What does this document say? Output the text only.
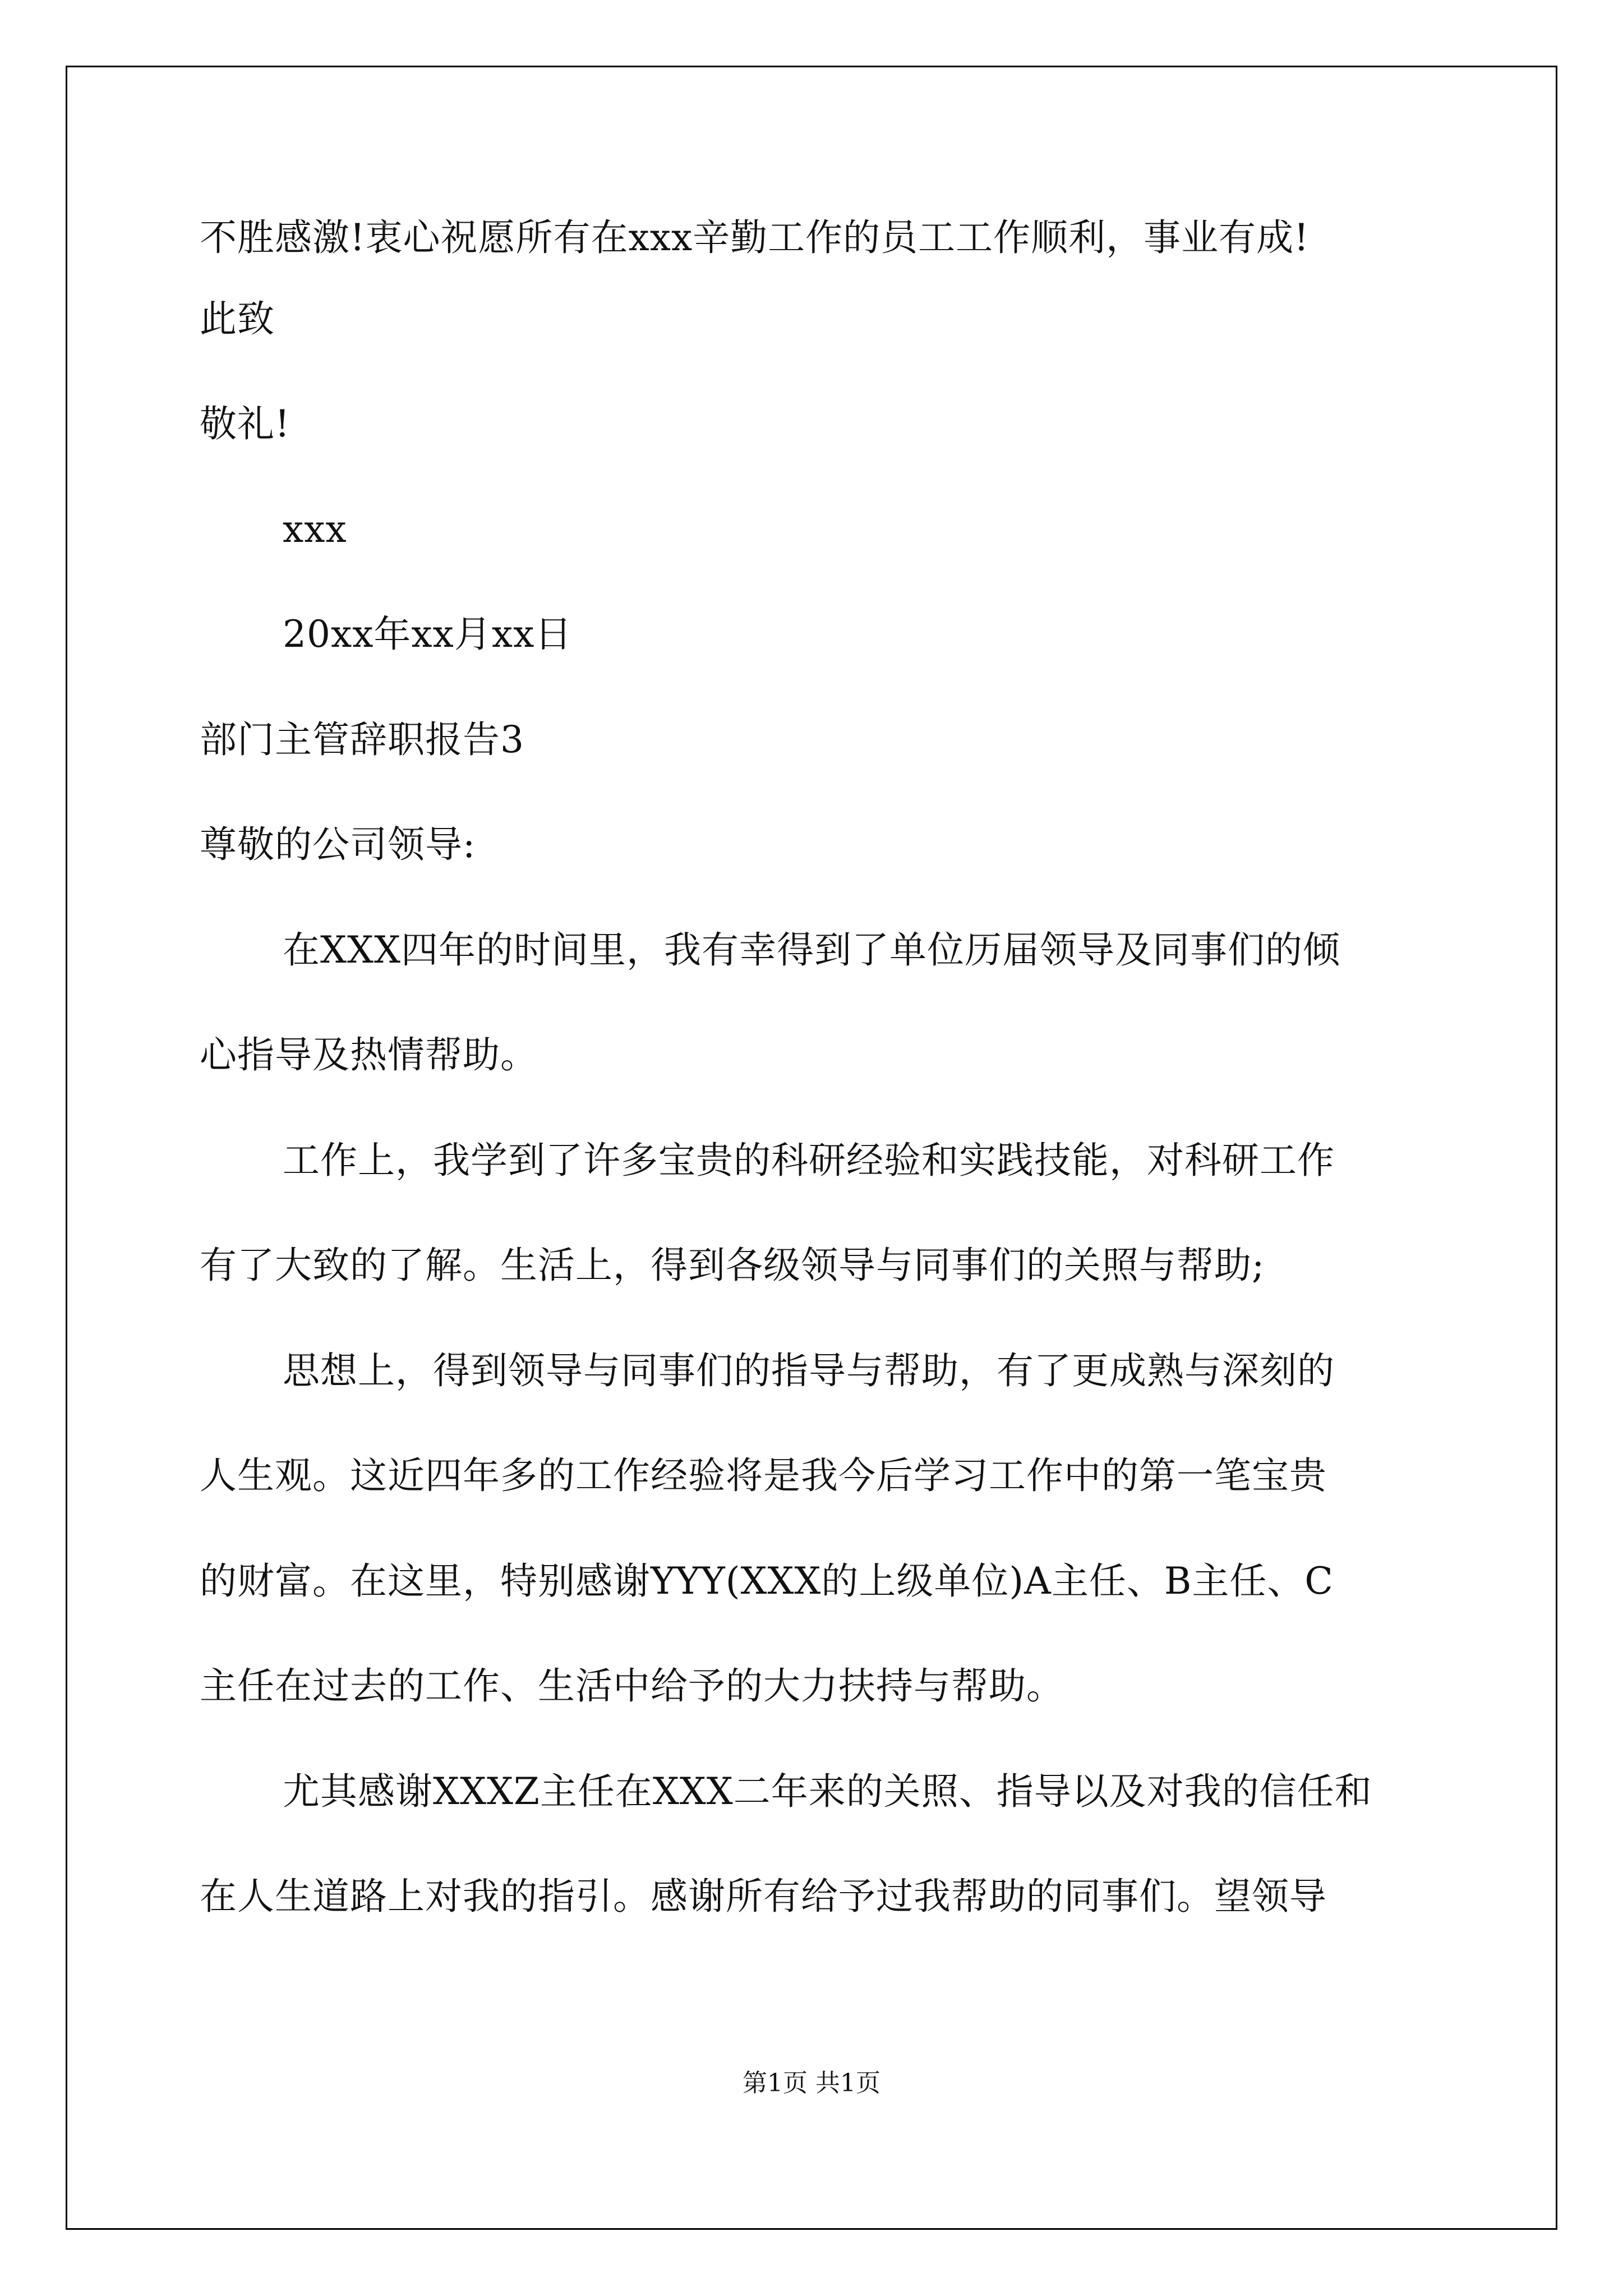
不胜感激!衷心祝愿所有在xxx辛勤工作的员工工作顺利，事业有成!
此致
敬礼!
xxx
20xx年xx月xx日
部门主管辞职报告3
尊敬的公司领导:
在XXX四年的时间里，我有幸得到了单位历届领导及同事们的倾
心指导及热情帮助。
工作上，我学到了许多宝贵的科研经验和实践技能，对科研工作
有了大致的了解。生活上，得到各级领导与同事们的关照与帮助;
思想上，得到领导与同事们的指导与帮助，有了更成熟与深刻的
人生观。这近四年多的工作经验将是我今后学习工作中的第一笔宝贵
的财富。在这里，特别感谢YYY(XXX的上级单位)A主任、B主任、C
主任在过去的工作、生活中给予的大力扶持与帮助。
尤其感谢XXXZ主任在XXX二年来的关照、指导以及对我的信任和
在人生道路上对我的指引。感谢所有给予过我帮助的同事们。望领导
第1页 共1页
